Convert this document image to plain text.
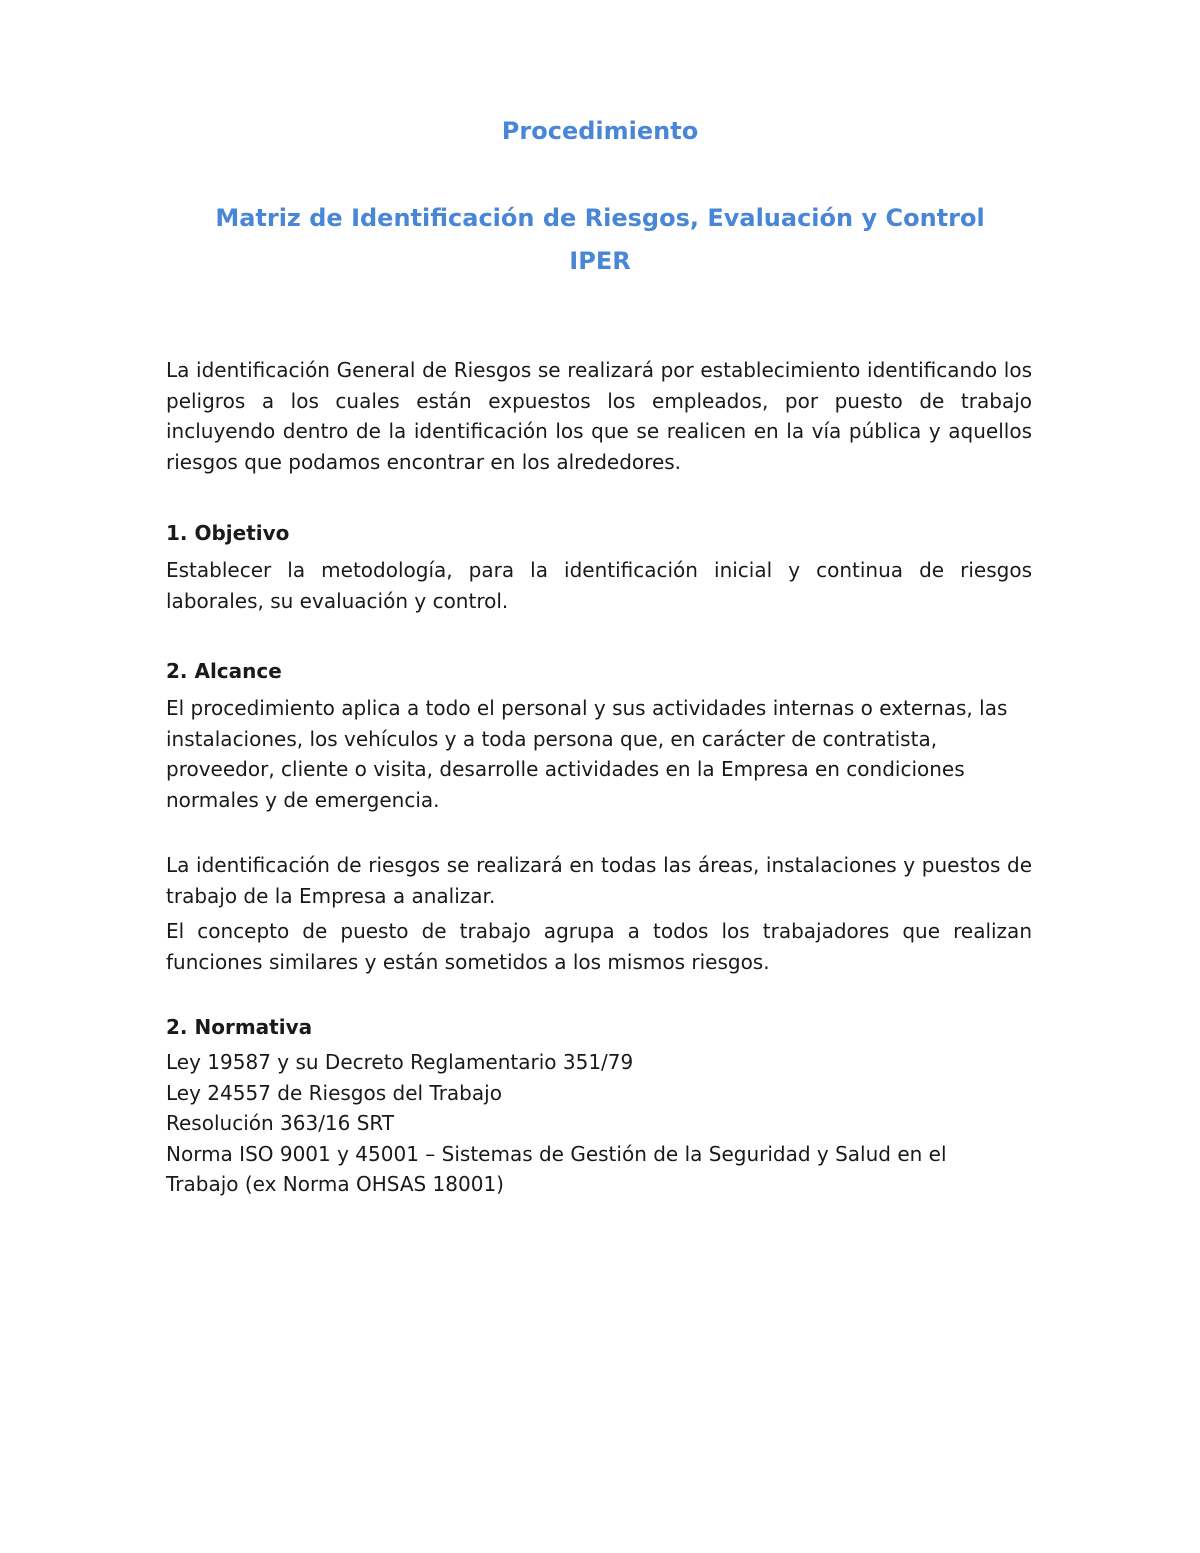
Procedimiento
Matriz de Identificación de Riesgos, Evaluación y Control
IPER

La identificación General de Riesgos se realizará por establecimiento identificando los peligros a los cuales están expuestos los empleados, por puesto de trabajo incluyendo dentro de la identificación los que se realicen en la vía pública y aquellos riesgos que podamos encontrar en los alrededores.

1. Objetivo

Establecer la metodología, para la identificación inicial y continua de riesgos laborales, su evaluación y control.

2. Alcance

El procedimiento aplica a todo el personal y sus actividades internas o externas, las instalaciones, los vehículos y a toda persona que, en carácter de contratista, proveedor, cliente o visita, desarrolle actividades en la Empresa en condiciones normales y de emergencia.

La identificación de riesgos se realizará en todas las áreas, instalaciones y puestos de trabajo de la Empresa a analizar.

El concepto de puesto de trabajo agrupa a todos los trabajadores que realizan funciones similares y están sometidos a los mismos riesgos.

2. Normativa
Ley 19587 y su Decreto Reglamentario 351/79
Ley 24557 de Riesgos del Trabajo
Resolución 363/16 SRT
Norma ISO 9001 y 45001 – Sistemas de Gestión de la Seguridad y Salud en el
Trabajo (ex Norma OHSAS 18001)
